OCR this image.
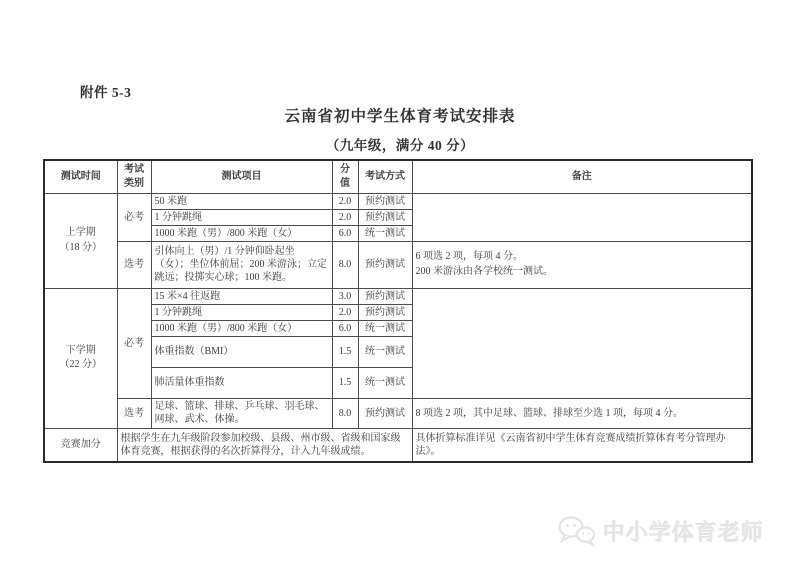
附件 5-3
云南省初中学生体育考试安排表
（九年级，满分 40 分）
测试时间	考试类别	测试项目	分值	考试方式	备注

上学期
（18 分）	必考	50 米跑	2.0	预约测试	
		1 分钟跳绳	2.0	预约测试	
		1000 米跑（男）/800 米跑（女）	6.0	统一测试	
	选考	引体向上（男）/1 分钟仰卧起坐（女）；坐位体前屈；200 米游泳；立定跳远；投掷实心球；100 米跑。	8.0	预约测试	6 项选 2 项，每项 4 分。
200 米游泳由各学校统一测试。

下学期
（22 分）	必考	15 米×4 往返跑	3.0	预约测试	
		1 分钟跳绳	2.0	预约测试	
		1000 米跑（男）/800 米跑（女）	6.0	统一测试	
		体重指数（BMI）	1.5	统一测试	
		肺活量体重指数	1.5	统一测试	
	选考	足球、篮球、排球、乒乓球、羽毛球、网球、武术、体操。	8.0	预约测试	8 项选 2 项，其中足球、篮球、排球至少选 1 项，每项 4 分。
竞赛加分	根据学生在九年级阶段参加校级、县级、州市级、省级和国家级体育竞赛，根据获得的名次折算得分，计入九年级成绩。				具体折算标准详见《云南省初中学生体育竞赛成绩折算体育考分管理办法》。
中小学体育老师
